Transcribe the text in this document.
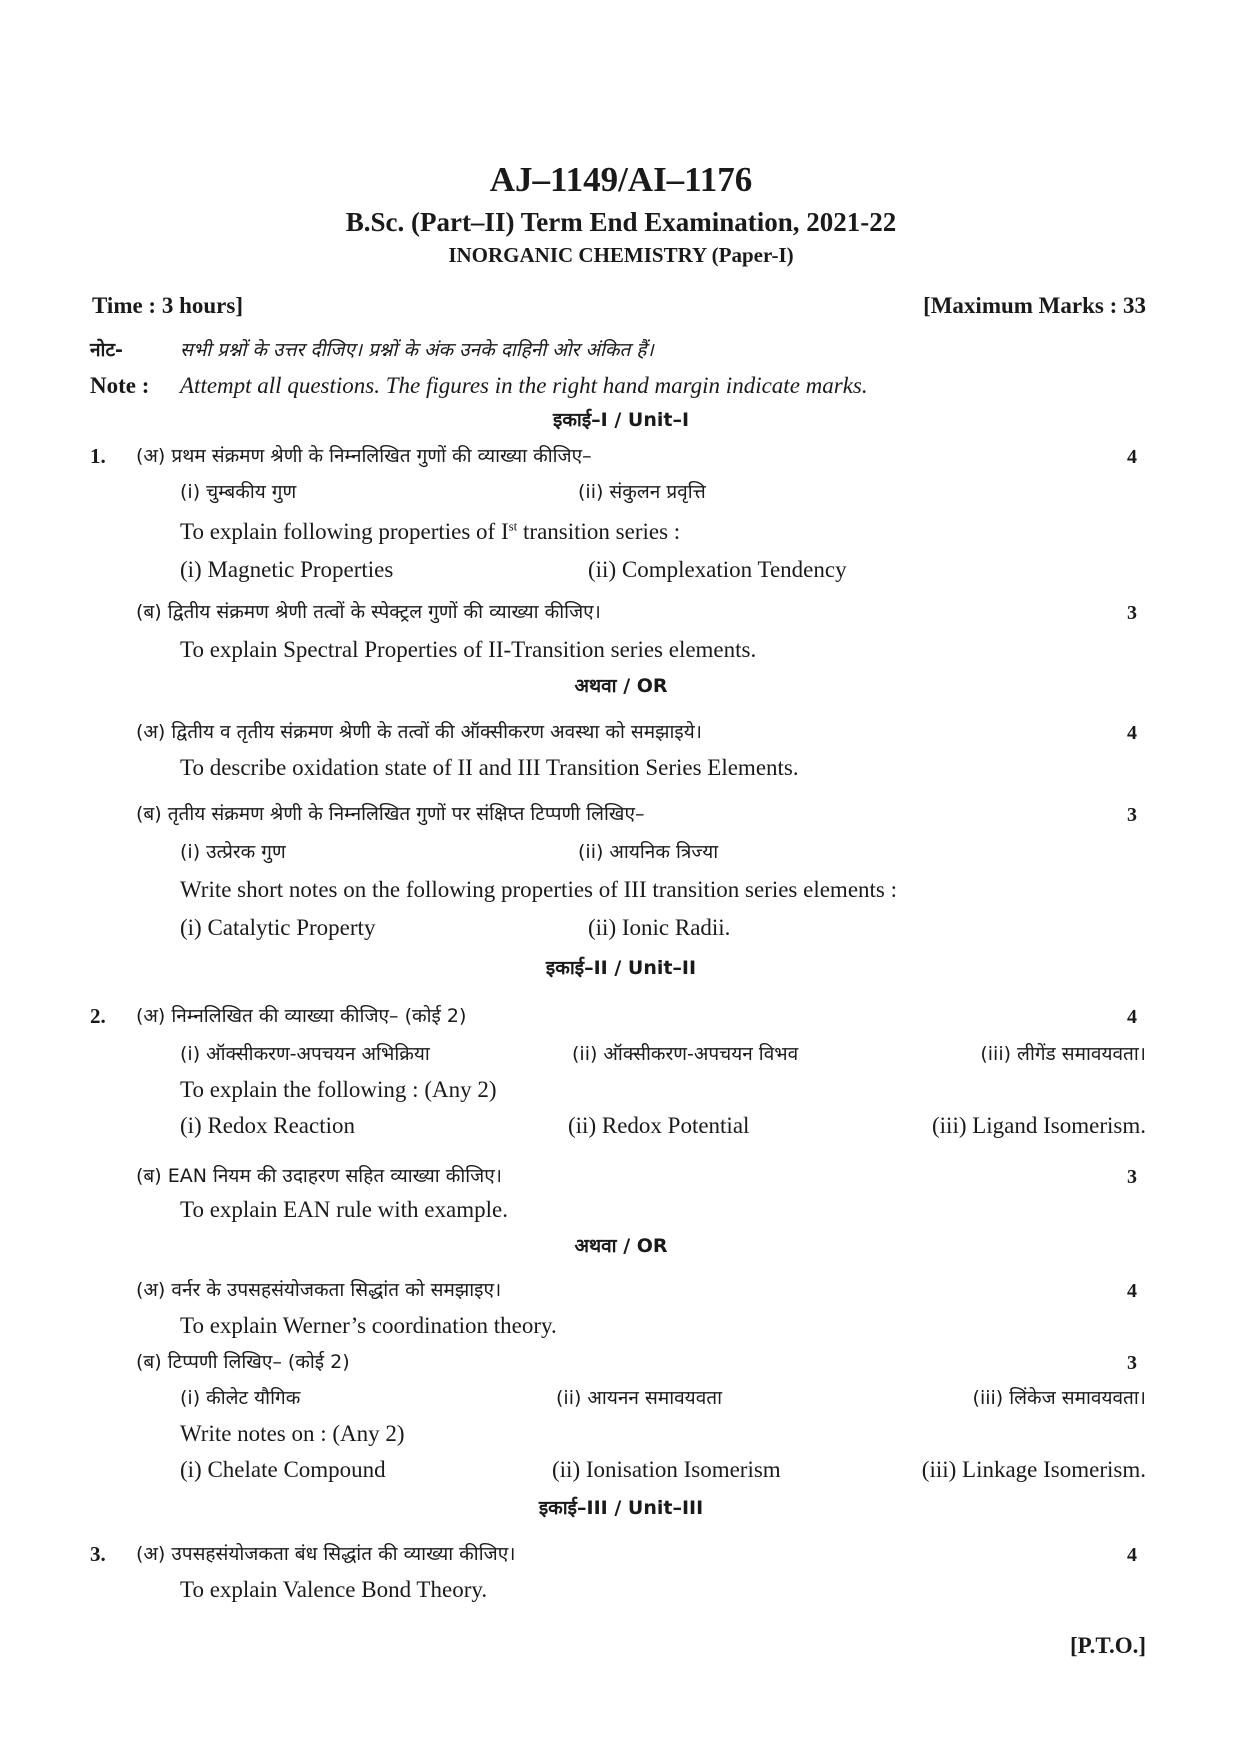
AJ–1149/AI–1176
B.Sc. (Part–II) Term End Examination, 2021-22
INORGANIC CHEMISTRY (Paper-I)
Time : 3 hours]	[Maximum Marks : 33
नोट-	सभी प्रश्नों के उत्तर दीजिए। प्रश्नों के अंक उनके दाहिनी ओर अंकित हैं।
Note : Attempt all questions. The figures in the right hand margin indicate marks.
इकाई–I / Unit–I
1. (अ) प्रथम संक्रमण श्रेणी के निम्नलिखित गुणों की व्याख्या कीजिए–	4
(i) चुम्बकीय गुण	(ii) संकुलन प्रवृत्ति
To explain following properties of Ist transition series :
(i) Magnetic Properties	(ii) Complexation Tendency
(ब) द्वितीय संक्रमण श्रेणी तत्वों के स्पेक्ट्रल गुणों की व्याख्या कीजिए।	3
To explain Spectral Properties of II-Transition series elements.
अथवा / OR
(अ) द्वितीय व तृतीय संक्रमण श्रेणी के तत्वों की ऑक्सीकरण अवस्था को समझाइये।	4
To describe oxidation state of II and III Transition Series Elements.
(ब) तृतीय संक्रमण श्रेणी के निम्नलिखित गुणों पर संक्षिप्त टिप्पणी लिखिए–	3
(i) उत्प्रेरक गुण	(ii) आयनिक त्रिज्या
Write short notes on the following properties of III transition series elements :
(i) Catalytic Property	(ii) Ionic Radii.
इकाई–II / Unit–II
2. (अ) निम्नलिखित की व्याख्या कीजिए– (कोई 2)	4
(i) ऑक्सीकरण-अपचयन अभिक्रिया	(ii) ऑक्सीकरण-अपचयन विभव	(iii) लीगेंड समावयवता।
To explain the following : (Any 2)
(i) Redox Reaction	(ii) Redox Potential	(iii) Ligand Isomerism.
(ब) EAN नियम की उदाहरण सहित व्याख्या कीजिए।	3
To explain EAN rule with example.
अथवा / OR
(अ) वर्नर के उपसहसंयोजकता सिद्धांत को समझाइए।	4
To explain Werner’s coordination theory.
(ब) टिप्पणी लिखिए– (कोई 2)	3
(i) कीलेट यौगिक	(ii) आयनन समावयवता	(iii) लिंकेज समावयवता।
Write notes on : (Any 2)
(i) Chelate Compound	(ii) Ionisation Isomerism	(iii) Linkage Isomerism.
इकाई–III / Unit–III
3. (अ) उपसहसंयोजकता बंध सिद्धांत की व्याख्या कीजिए।	4
To explain Valence Bond Theory.
[P.T.O.]
